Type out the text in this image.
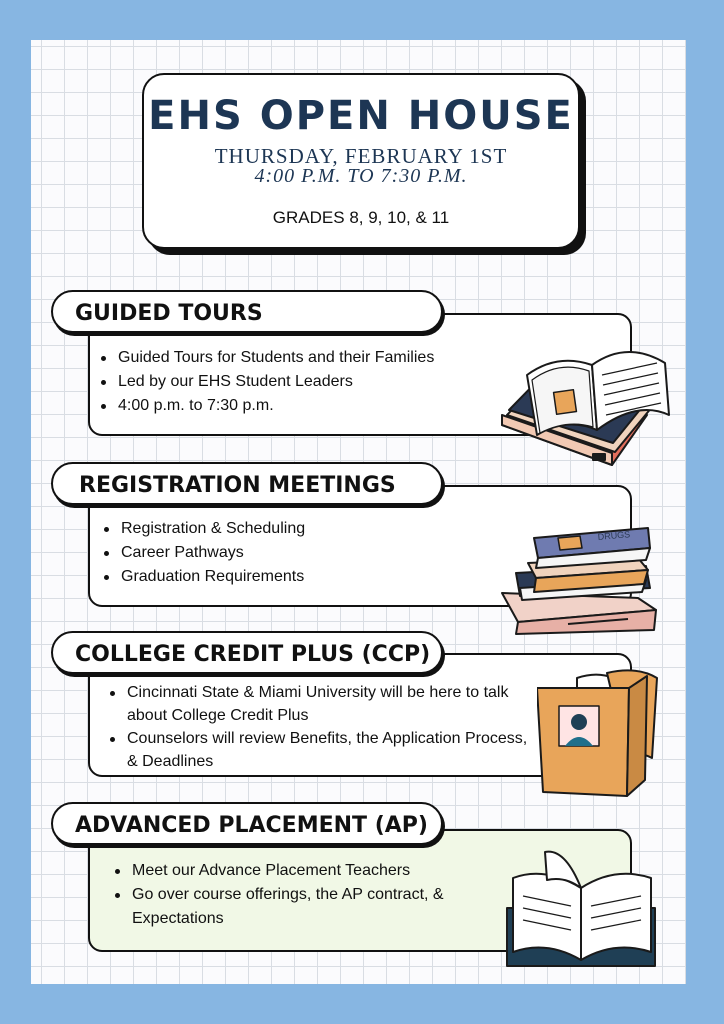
EHS OPEN HOUSE
THURSDAY, FEBRUARY 1ST
4:00 P.M. TO 7:30 P.M.
GRADES 8, 9, 10, & 11
Guided Tours for Students and their Families
Led by our EHS Student Leaders
4:00 p.m. to 7:30 p.m.
GUIDED TOURS
Registration & Scheduling
Career Pathways
Graduation Requirements
REGISTRATION MEETINGS
Cincinnati State & Miami University will be here to talk about College Credit Plus
Counselors will review Benefits, the Application Process, & Deadlines
COLLEGE CREDIT PLUS (CCP)
Meet our Advance Placement Teachers
Go over course offerings, the AP contract, & Expectations
ADVANCED PLACEMENT (AP)
DRUGS
